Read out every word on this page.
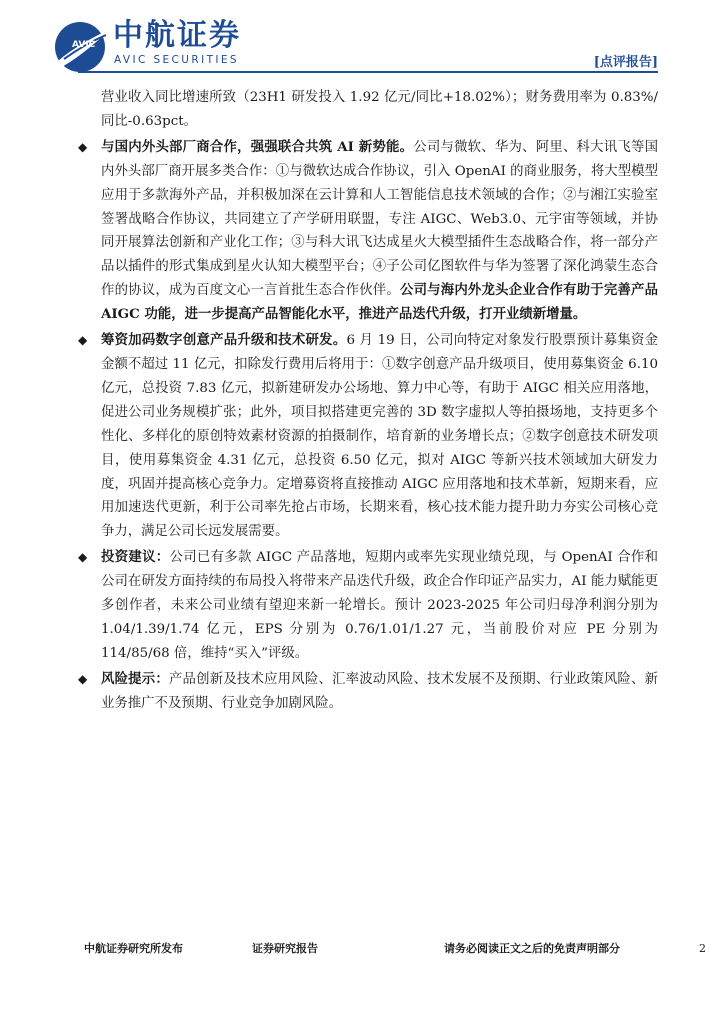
AVIC 中航证券
AVIC SECURITIES	[点评报告]
营业收入同比增速所致（23H1 研发投入 1.92 亿元/同比+18.02%）；财务费用率为 0.83%/同比-0.63pct。
◆ 与国内外头部厂商合作，强强联合共筑 AI 新势能。公司与微软、华为、阿里、科大讯飞等国内外头部厂商开展多类合作：①与微软达成合作协议，引入 OpenAI 的商业服务，将大型模型应用于多款海外产品，并积极加深在云计算和人工智能信息技术领域的合作；②与湘江实验室签署战略合作协议，共同建立了产学研用联盟，专注 AIGC、Web3.0、元宇宙等领域，并协同开展算法创新和产业化工作；③与科大讯飞达成星火大模型插件生态战略合作，将一部分产品以插件的形式集成到星火认知大模型平台；④子公司亿图软件与华为签署了深化鸿蒙生态合作的协议，成为百度文心一言首批生态合作伙伴。公司与海内外龙头企业合作有助于完善产品 AIGC 功能，进一步提高产品智能化水平，推进产品迭代升级，打开业绩新增量。
◆ 筹资加码数字创意产品升级和技术研发。6 月 19 日，公司向特定对象发行股票预计募集资金金额不超过 11 亿元，扣除发行费用后将用于：①数字创意产品升级项目，使用募集资金 6.10 亿元，总投资 7.83 亿元，拟新建研发办公场地、算力中心等，有助于 AIGC 相关应用落地，促进公司业务规模扩张；此外，项目拟搭建更完善的 3D 数字虚拟人等拍摄场地，支持更多个性化、多样化的原创特效素材资源的拍摄制作，培育新的业务增长点；②数字创意技术研发项目，使用募集资金 4.31 亿元，总投资 6.50 亿元，拟对 AIGC 等新兴技术领域加大研发力度，巩固并提高核心竞争力。定增募资将直接推动 AIGC 应用落地和技术革新，短期来看，应用加速迭代更新，利于公司率先抢占市场，长期来看，核心技术能力提升助力夯实公司核心竞争力，满足公司长远发展需要。
◆ 投资建议：公司已有多款 AIGC 产品落地，短期内或率先实现业绩兑现，与 OpenAI 合作和公司在研发方面持续的布局投入将带来产品迭代升级，政企合作印证产品实力，AI 能力赋能更多创作者，未来公司业绩有望迎来新一轮增长。预计 2023-2025 年公司归母净利润分别为 1.04/1.39/1.74 亿元，EPS 分别为 0.76/1.01/1.27 元，当前股价对应 PE 分别为 114/85/68 倍，维持“买入”评级。
◆ 风险提示：产品创新及技术应用风险、汇率波动风险、技术发展不及预期、行业政策风险、新业务推广不及预期、行业竞争加剧风险。
中航证券研究所发布	证券研究报告	请务必阅读正文之后的免责声明部分	2
